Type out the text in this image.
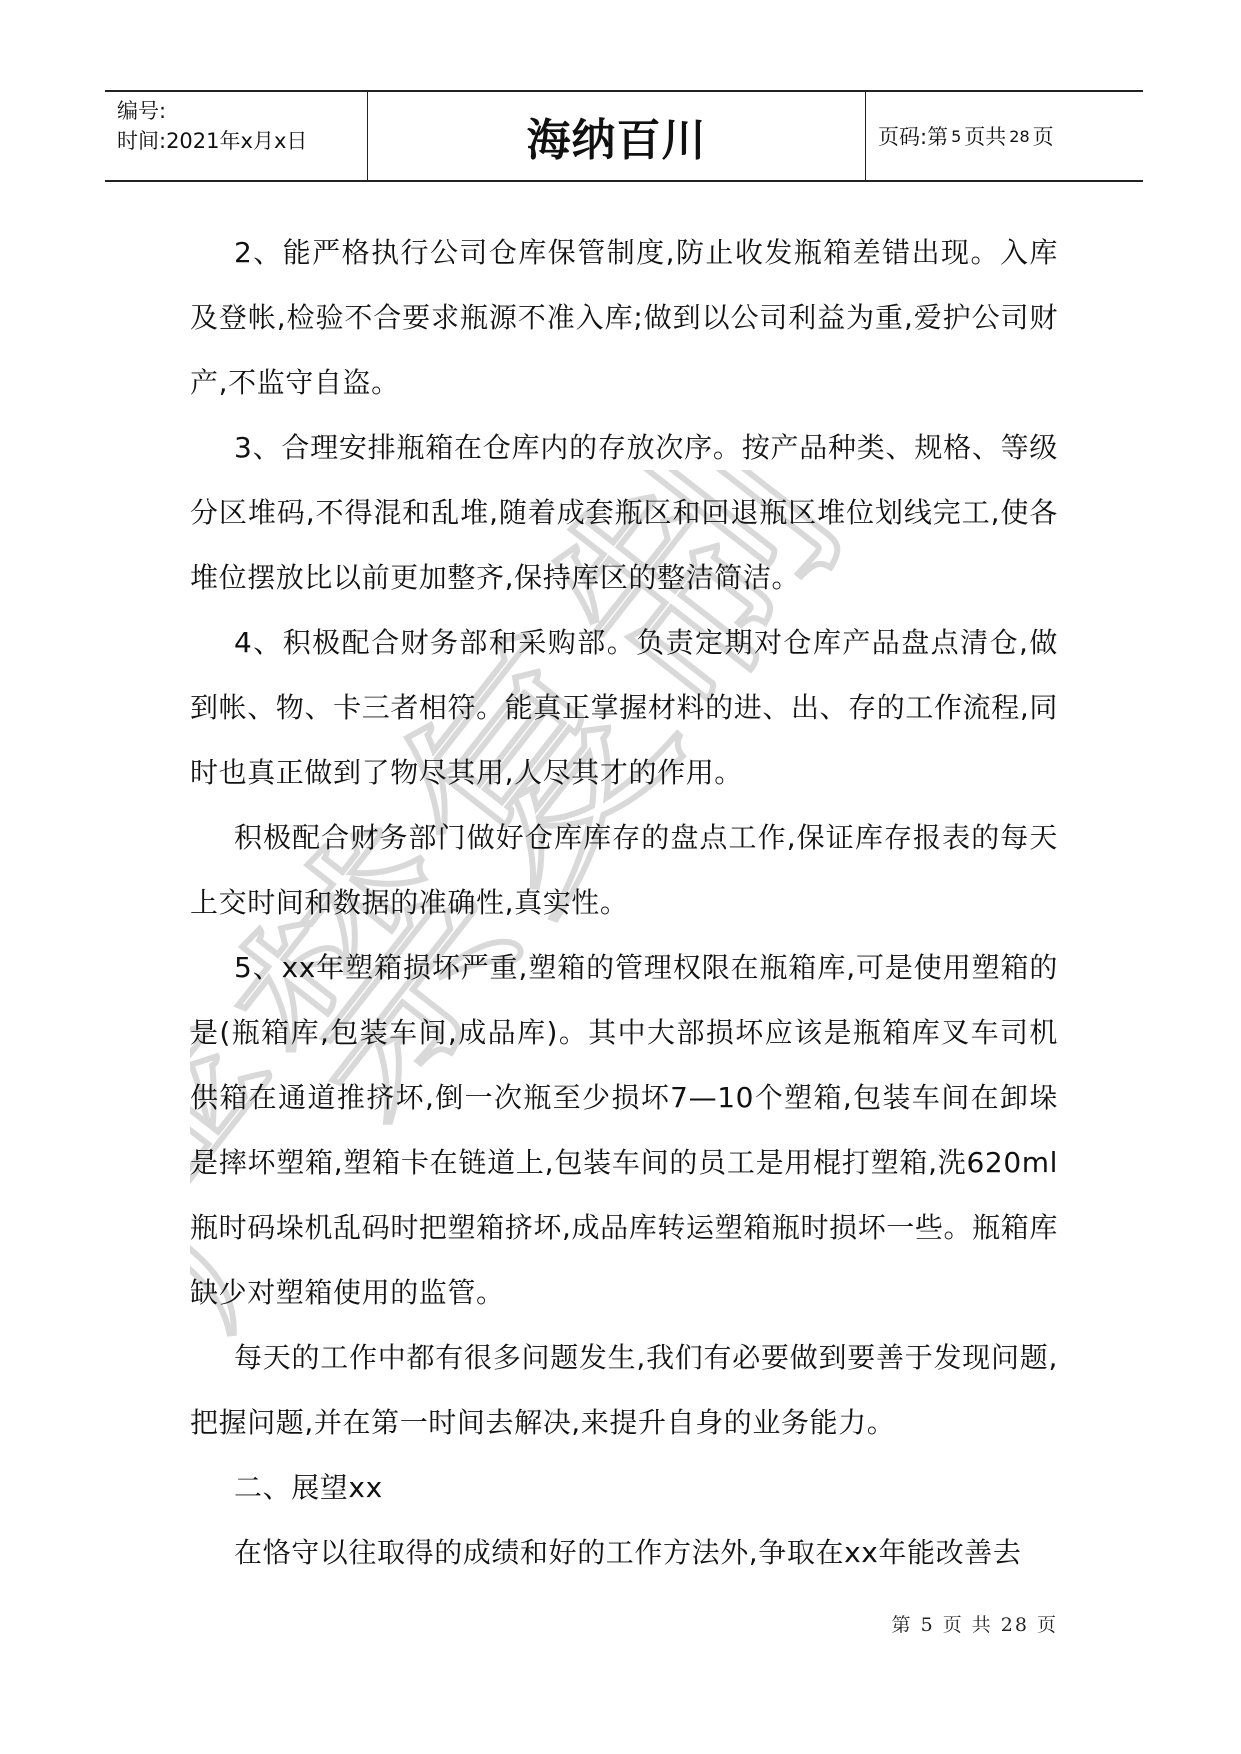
编号:
时间:2021年x月x日	海纳百川	页码:第 5 页共 28 页
严禁复制

2、能严格执行公司仓库保管制度,防止收发瓶箱差错出现。入库及登帐,检验不合要求瓶源不准入库;做到以公司利益为重,爱护公司财产,不监守自盗。

3、合理安排瓶箱在仓库内的存放次序。按产品种类、规格、等级分区堆码,不得混和乱堆,随着成套瓶区和回退瓶区堆位划线完工,使各堆位摆放比以前更加整齐,保持库区的整洁简洁。

4、积极配合财务部和采购部。负责定期对仓库产品盘点清仓,做到帐、物、卡三者相符。能真正掌握材料的进、出、存的工作流程,同时也真正做到了物尽其用,人尽其才的作用。

积极配合财务部门做好仓库库存的盘点工作,保证库存报表的每天上交时间和数据的准确性,真实性。

5、xx年塑箱损坏严重,塑箱的管理权限在瓶箱库,可是使用塑箱的是(瓶箱库,包装车间,成品库)。其中大部损坏应该是瓶箱库叉车司机供箱在通道推挤坏,倒一次瓶至少损坏7—10个塑箱,包装车间在卸垛是摔坏塑箱,塑箱卡在链道上,包装车间的员工是用棍打塑箱,洗620ml瓶时码垛机乱码时把塑箱挤坏,成品库转运塑箱瓶时损坏一些。瓶箱库缺少对塑箱使用的监管。

每天的工作中都有很多问题发生,我们有必要做到要善于发现问题,把握问题,并在第一时间去解决,来提升自身的业务能力。

二、展望xx

在恪守以往取得的成绩和好的工作方法外,争取在xx年能改善去

第 5 页 共 28 页
